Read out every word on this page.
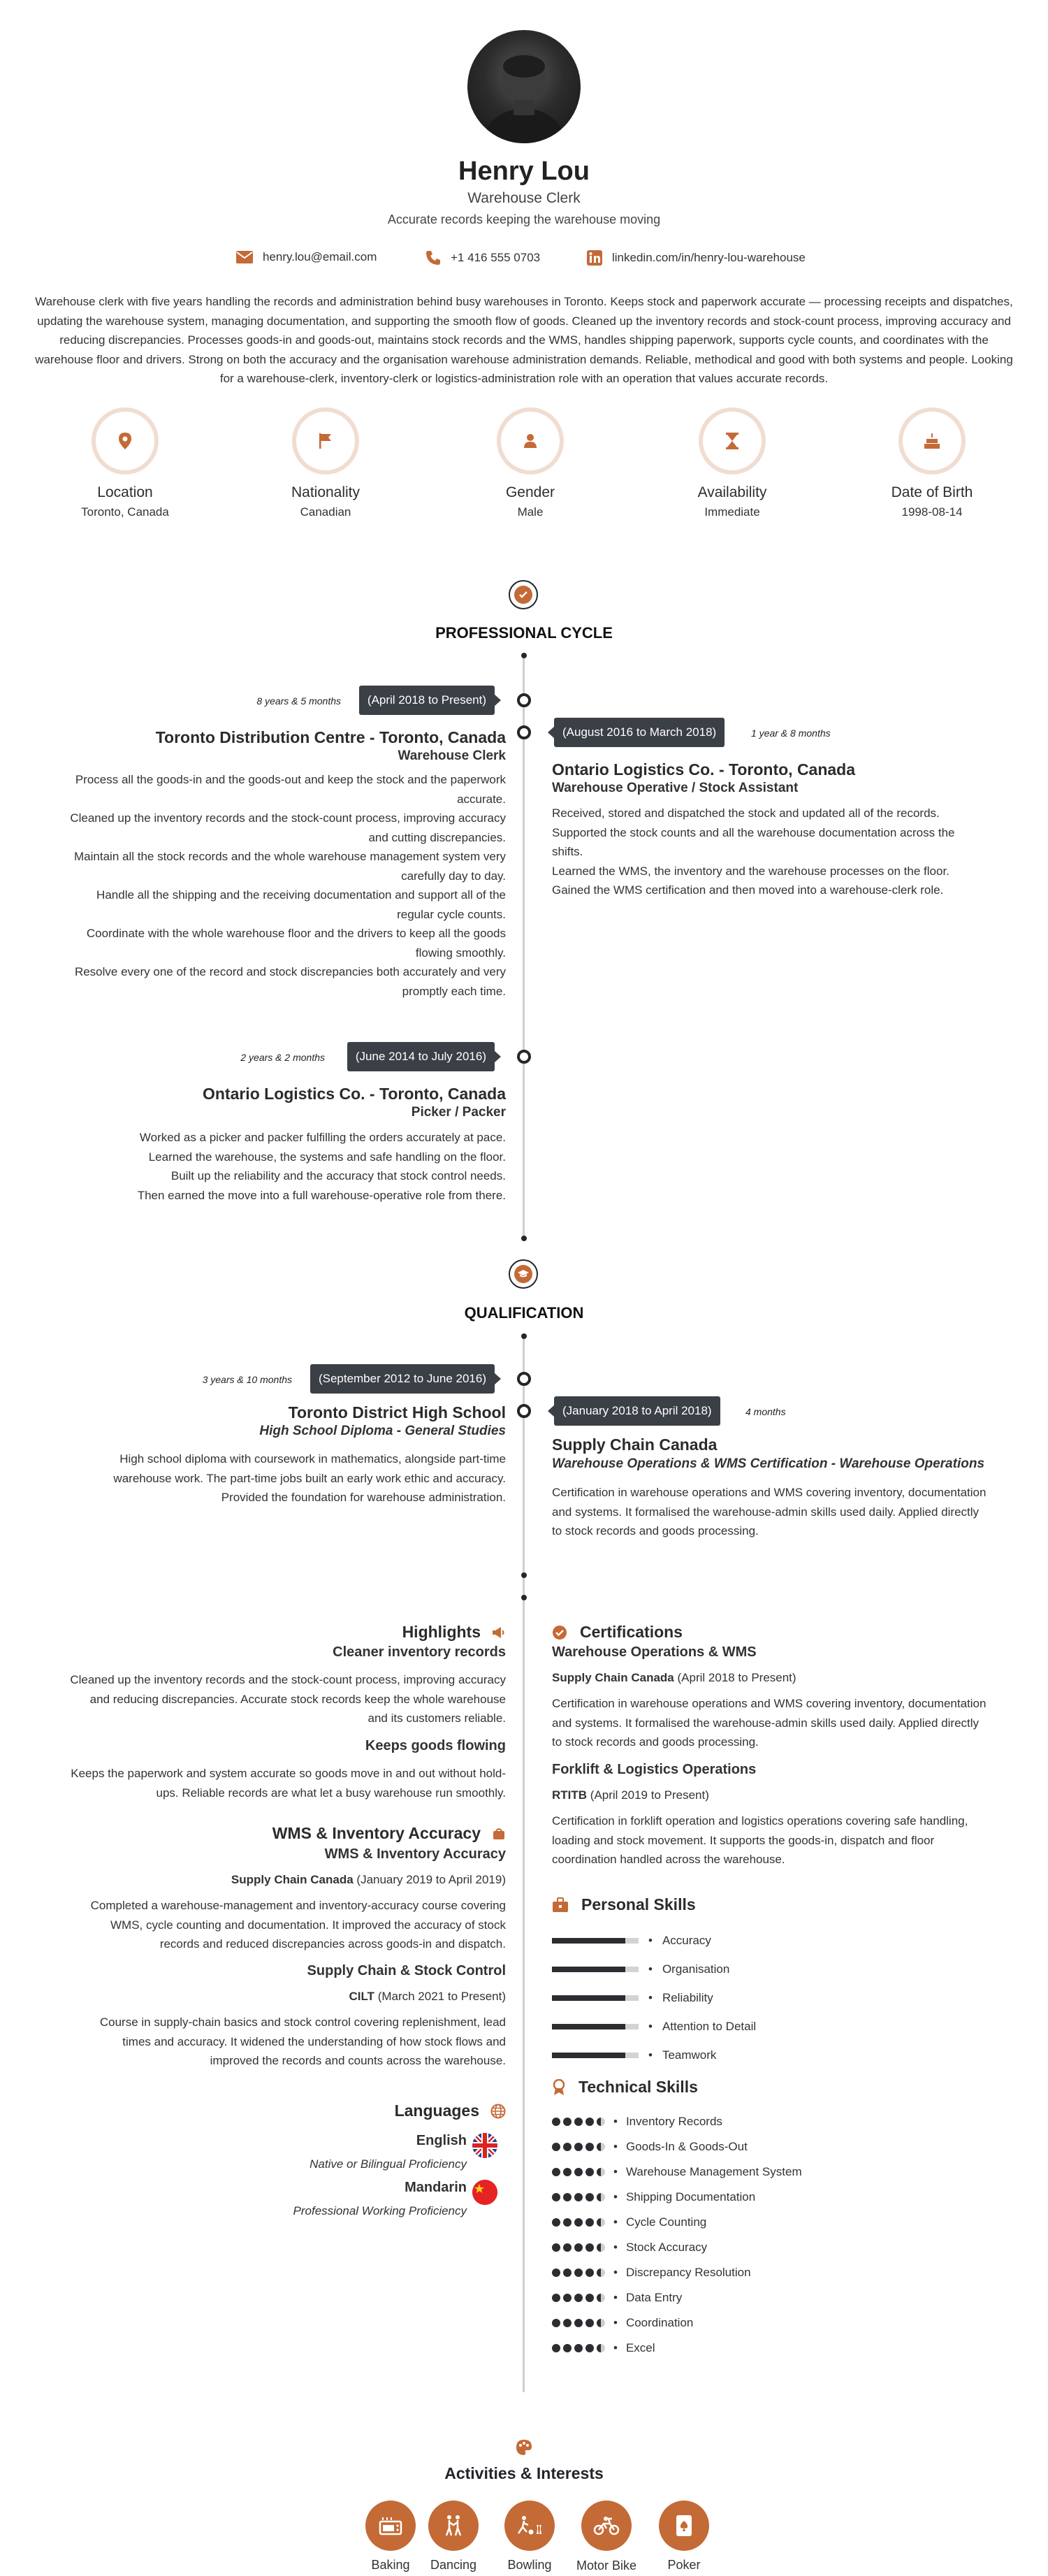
Henry Lou
Warehouse Clerk
Accurate records keeping the warehouse moving
henry.lou@email.com	+1 416 555 0703	linkedin.com/in/henry-lou-warehouse
Warehouse clerk with five years handling the records and administration behind busy warehouses in Toronto. Keeps stock and paperwork accurate — processing receipts and dispatches, updating the warehouse system, managing documentation, and supporting the smooth flow of goods. Cleaned up the inventory records and stock-count process, improving accuracy and reducing discrepancies. Processes goods-in and goods-out, maintains stock records and the WMS, handles shipping paperwork, supports cycle counts, and coordinates with the warehouse floor and drivers. Strong on both the accuracy and the organisation warehouse administration demands. Reliable, methodical and good with both systems and people. Looking for a warehouse-clerk, inventory-clerk or logistics-administration role with an operation that values accurate records.
Location
Toronto, Canada
Nationality
Canadian
Gender
Male
Availability
Immediate
Date of Birth
1998-08-14
PROFESSIONAL CYCLE
8 years & 5 months	(April 2018 to Present)
Toronto Distribution Centre - Toronto, Canada
Warehouse Clerk
Process all the goods-in and the goods-out and keep the stock and the paperwork
accurate.
Cleaned up the inventory records and the stock-count process, improving accuracy
and cutting discrepancies.
Maintain all the stock records and the whole warehouse management system very
carefully day to day.
Handle all the shipping and the receiving documentation and support all of the
regular cycle counts.
Coordinate with the whole warehouse floor and the drivers to keep all the goods
flowing smoothly.
Resolve every one of the record and stock discrepancies both accurately and very
promptly each time.
(August 2016 to March 2018)	1 year & 8 months
Ontario Logistics Co. - Toronto, Canada
Warehouse Operative / Stock Assistant
Received, stored and dispatched the stock and updated all of the records.
Supported the stock counts and all the warehouse documentation across the
shifts.
Learned the WMS, the inventory and the warehouse processes on the floor.
Gained the WMS certification and then moved into a warehouse-clerk role.
2 years & 2 months	(June 2014 to July 2016)
Ontario Logistics Co. - Toronto, Canada
Picker / Packer
Worked as a picker and packer fulfilling the orders accurately at pace.
Learned the warehouse, the systems and safe handling on the floor.
Built up the reliability and the accuracy that stock control needs.
Then earned the move into a full warehouse-operative role from there.
QUALIFICATION
3 years & 10 months	(September 2012 to June 2016)
Toronto District High School
High School Diploma - General Studies
High school diploma with coursework in mathematics, alongside part-time
warehouse work. The part-time jobs built an early work ethic and accuracy.
Provided the foundation for warehouse administration.
(January 2018 to April 2018)	4 months
Supply Chain Canada
Warehouse Operations & WMS Certification - Warehouse Operations
Certification in warehouse operations and WMS covering inventory, documentation
and systems. It formalised the warehouse-admin skills used daily. Applied directly
to stock records and goods processing.
Highlights
Cleaner inventory records
Cleaned up the inventory records and the stock-count process, improving accuracy
and reducing discrepancies. Accurate stock records keep the whole warehouse
and its customers reliable.
Keeps goods flowing
Keeps the paperwork and system accurate so goods move in and out without hold-
ups. Reliable records are what let a busy warehouse run smoothly.
WMS & Inventory Accuracy
WMS & Inventory Accuracy
Supply Chain Canada (January 2019 to April 2019)
Completed a warehouse-management and inventory-accuracy course covering
WMS, cycle counting and documentation. It improved the accuracy of stock
records and reduced discrepancies across goods-in and dispatch.
Supply Chain & Stock Control
CILT (March 2021 to Present)
Course in supply-chain basics and stock control covering replenishment, lead
times and accuracy. It widened the understanding of how stock flows and
improved the records and counts across the warehouse.
Languages
English
Native or Bilingual Proficiency
Mandarin
Professional Working Proficiency
Certifications
Warehouse Operations & WMS
Supply Chain Canada (April 2018 to Present)
Certification in warehouse operations and WMS covering inventory, documentation
and systems. It formalised the warehouse-admin skills used daily. Applied directly
to stock records and goods processing.
Forklift & Logistics Operations
RTITB (April 2019 to Present)
Certification in forklift operation and logistics operations covering safe handling,
loading and stock movement. It supports the goods-in, dispatch and floor
coordination handled across the warehouse.
Personal Skills
• Accuracy
• Organisation
• Reliability
• Attention to Detail
• Teamwork
Technical Skills
• Inventory Records
• Goods-In & Goods-Out
• Warehouse Management System
• Shipping Documentation
• Cycle Counting
• Stock Accuracy
• Discrepancy Resolution
• Data Entry
• Coordination
• Excel
Activities & Interests
Baking	Dancing	Bowling	Motor Bike	Poker
